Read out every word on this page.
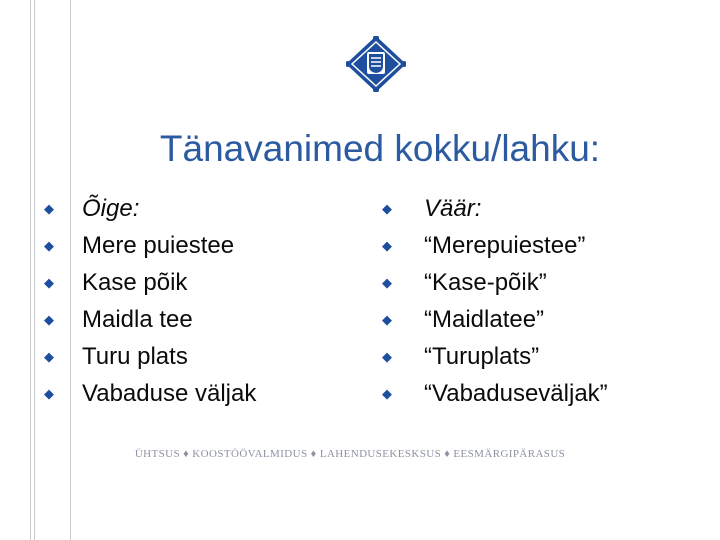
Tänavanimed kokku/lahku:
◆ Õige:
◆ Mere puiestee
◆ Kase põik
◆ Maidla tee
◆ Turu plats
◆ Vabaduse väljak
◆ Väär:
◆ “Merepuiestee”
◆ “Kase-põik”
◆ “Maidlatee”
◆ “Turuplats”
◆ “Vabaduseväljak”
ÜHTSUS ♦ KOOSTÖÖVALMIDUS ♦ LAHENDUSEKESKSUS ♦ EESMÄRGIPÄRASUS
